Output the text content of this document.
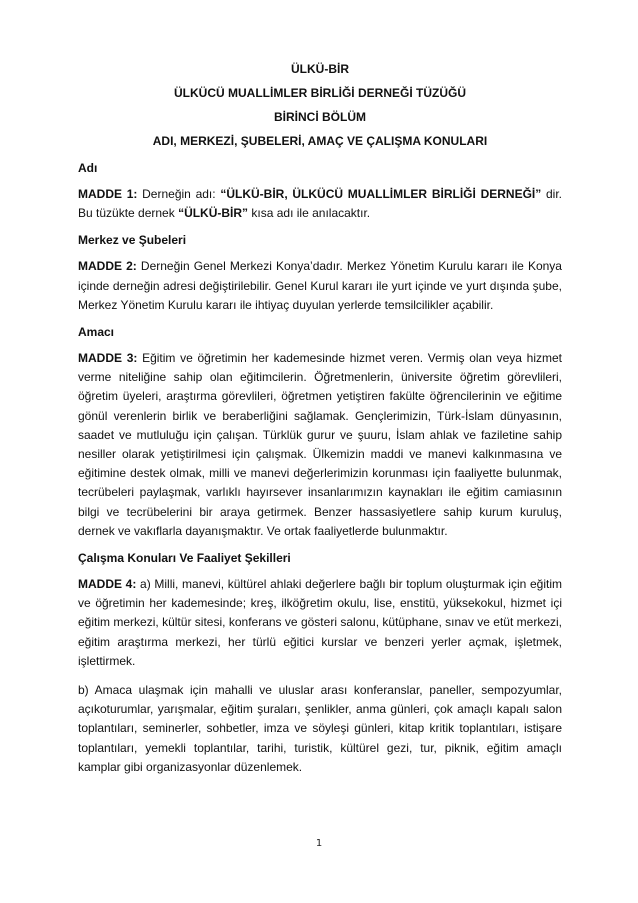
ÜLKÜ-BİR
ÜLKÜCÜ MUALLİMLER BİRLİĞİ DERNEĞİ TÜZÜĞÜ
BİRİNCİ BÖLÜM
ADI, MERKEZİ, ŞUBELERİ, AMAÇ VE ÇALIŞMA KONULARI
Adı

MADDE 1: Derneğin adı: “ÜLKÜ-BİR, ÜLKÜCÜ MUALLİMLER BİRLİĞİ DERNEĞİ” dir. Bu tüzükte dernek “ÜLKÜ-BİR” kısa adı ile anılacaktır.

Merkez ve Şubeleri

MADDE 2: Derneğin Genel Merkezi Konya’dadır. Merkez Yönetim Kurulu kararı ile Konya içinde derneğin adresi değiştirilebilir. Genel Kurul kararı ile yurt içinde ve yurt dışında şube, Merkez Yönetim Kurulu kararı ile ihtiyaç duyulan yerlerde temsilcilikler açabilir.

Amacı

MADDE 3: Eğitim ve öğretimin her kademesinde hizmet veren. Vermiş olan veya hizmet verme niteliğine sahip olan eğitimcilerin. Öğretmenlerin, üniversite öğretim görevlileri, öğretim üyeleri, araştırma görevlileri, öğretmen yetiştiren fakülte öğrencilerinin ve eğitime gönül verenlerin birlik ve beraberliğini sağlamak. Gençlerimizin, Türk-İslam dünyasının, saadet ve mutluluğu için çalışan. Türklük gurur ve şuuru, İslam ahlak ve faziletine sahip nesiller olarak yetiştirilmesi için çalışmak. Ülkemizin maddi ve manevi kalkınmasına ve eğitimine destek olmak, milli ve manevi değerlerimizin korunması için faaliyette bulunmak, tecrübeleri paylaşmak, varlıklı hayırsever insanlarımızın kaynakları ile eğitim camiasının bilgi ve tecrübelerini bir araya getirmek. Benzer hassasiyetlere sahip kurum kuruluş, dernek ve vakıflarla dayanışmaktır. Ve ortak faaliyetlerde bulunmaktır.

Çalışma Konuları Ve Faaliyet Şekilleri

MADDE 4: a) Milli, manevi, kültürel ahlaki değerlere bağlı bir toplum oluşturmak için eğitim ve öğretimin her kademesinde; kreş, ilköğretim okulu, lise, enstitü, yüksekokul, hizmet içi eğitim merkezi, kültür sitesi, konferans ve gösteri salonu, kütüphane, sınav ve etüt merkezi, eğitim araştırma merkezi, her türlü eğitici kurslar ve benzeri yerler açmak, işletmek, işlettirmek.

b) Amaca ulaşmak için mahalli ve uluslar arası konferanslar, paneller, sempozyumlar, açıkoturumlar, yarışmalar, eğitim şuraları, şenlikler, anma günleri, çok amaçlı kapalı salon toplantıları, seminerler, sohbetler, imza ve söyleşi günleri, kitap kritik toplantıları, istişare toplantıları, yemekli toplantılar, tarihi, turistik, kültürel gezi, tur, piknik, eğitim amaçlı kamplar gibi organizasyonlar düzenlemek.

1
